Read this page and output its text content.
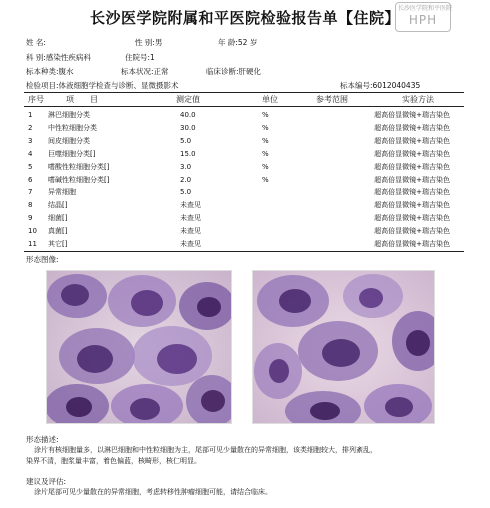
长沙医学院附属和平医院检验报告单【住院】
长沙医学院和平医院
HPH
姓 名:	性 别:男	年 龄:52 岁
科 别:感染性疾病科	住院号:1
标本种类:腹水	标本状况:正常	临床诊断:肝硬化
检验项目:体液细胞学检查与诊断、显微摄影术	标本编号:6012040435
序号	项　　目	测定值	单位	参考范围	实验方法
1 淋巴细胞分类	40.0	%	超高倍显微镜+瑞吉染色
2 中性粒细胞分类	30.0	%	超高倍显微镜+瑞吉染色
3 间皮细胞分类	5.0	%	超高倍显微镜+瑞吉染色
4 巨噬细胞分类[]	15.0	%	超高倍显微镜+瑞吉染色
5 嗜酸性粒细胞分类[]	3.0	%	超高倍显微镜+瑞吉染色
6 嗜碱性粒细胞分类[]	2.0	%	超高倍显微镜+瑞吉染色
7 异常细胞	5.0	超高倍显微镜+瑞吉染色
8 结晶[]	未查见	超高倍显微镜+瑞吉染色
9 细菌[]	未查见	超高倍显微镜+瑞吉染色
10 真菌[]	未查见	超高倍显微镜+瑞吉染色
11 其它[]	未查见	超高倍显微镜+瑞吉染色
形态图像:
形态描述:
涂片有核细胞量多，以淋巴细胞和中性粒细胞为主，尾部可见少量散在的异常细胞，该类细胞较大，排列紊乱，
染界不清，胞浆量丰富，着色偏蓝，核畸形，核仁明显。
建议及评估:
涂片尾部可见少量散在的异常细胞，考虑转移性肿瘤细胞可能，请结合临床。
